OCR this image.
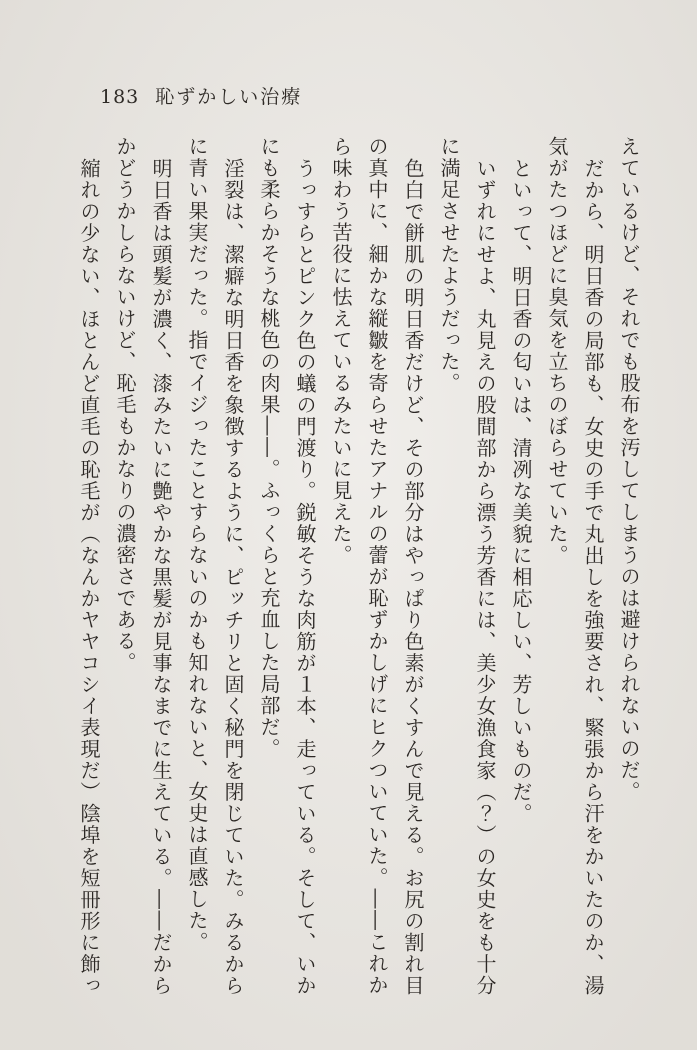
183 恥ずかしい治療

えているけど、それでも股布を汚してしまうのは避けられないのだ。

だから、明日香の局部も、女史の手で丸出しを強要され、緊張から汗をかいたのか、湯

気がたつほどに臭気を立ちのぼらせていた。

といって、明日香の匂いは、清冽な美貌に相応しい、芳しいものだ。

いずれにせよ、丸見えの股間部から漂う芳香には、美少女漁食家（？）の女史をも十分

に満足させたようだった。

色白で餅肌の明日香だけど、その部分はやっぱり色素がくすんで見える。お尻の割れ目

の真中に、細かな縦皺を寄らせたアナルの蕾が恥ずかしげにヒクついていた。――これか

ら味わう苦役に怯えているみたいに見えた。

うっすらとピンク色の蟻の門渡り。鋭敏そうな肉筋が１本、走っている。そして、いか

にも柔らかそうな桃色の肉果――。ふっくらと充血した局部だ。

淫裂は、潔癖な明日香を象徴するように、ピッチリと固く秘門を閉じていた。みるから

に青い果実だった。指でイジったことすらないのかも知れないと、女史は直感した。

明日香は頭髪が濃く、漆みたいに艶やかな黒髪が見事なまでに生えている。――だから

かどうかしらないけど、恥毛もかなりの濃密さである。

縮れの少ない、ほとんど直毛の恥毛が（なんかヤヤコシイ表現だ）陰埠を短冊形に飾っ
